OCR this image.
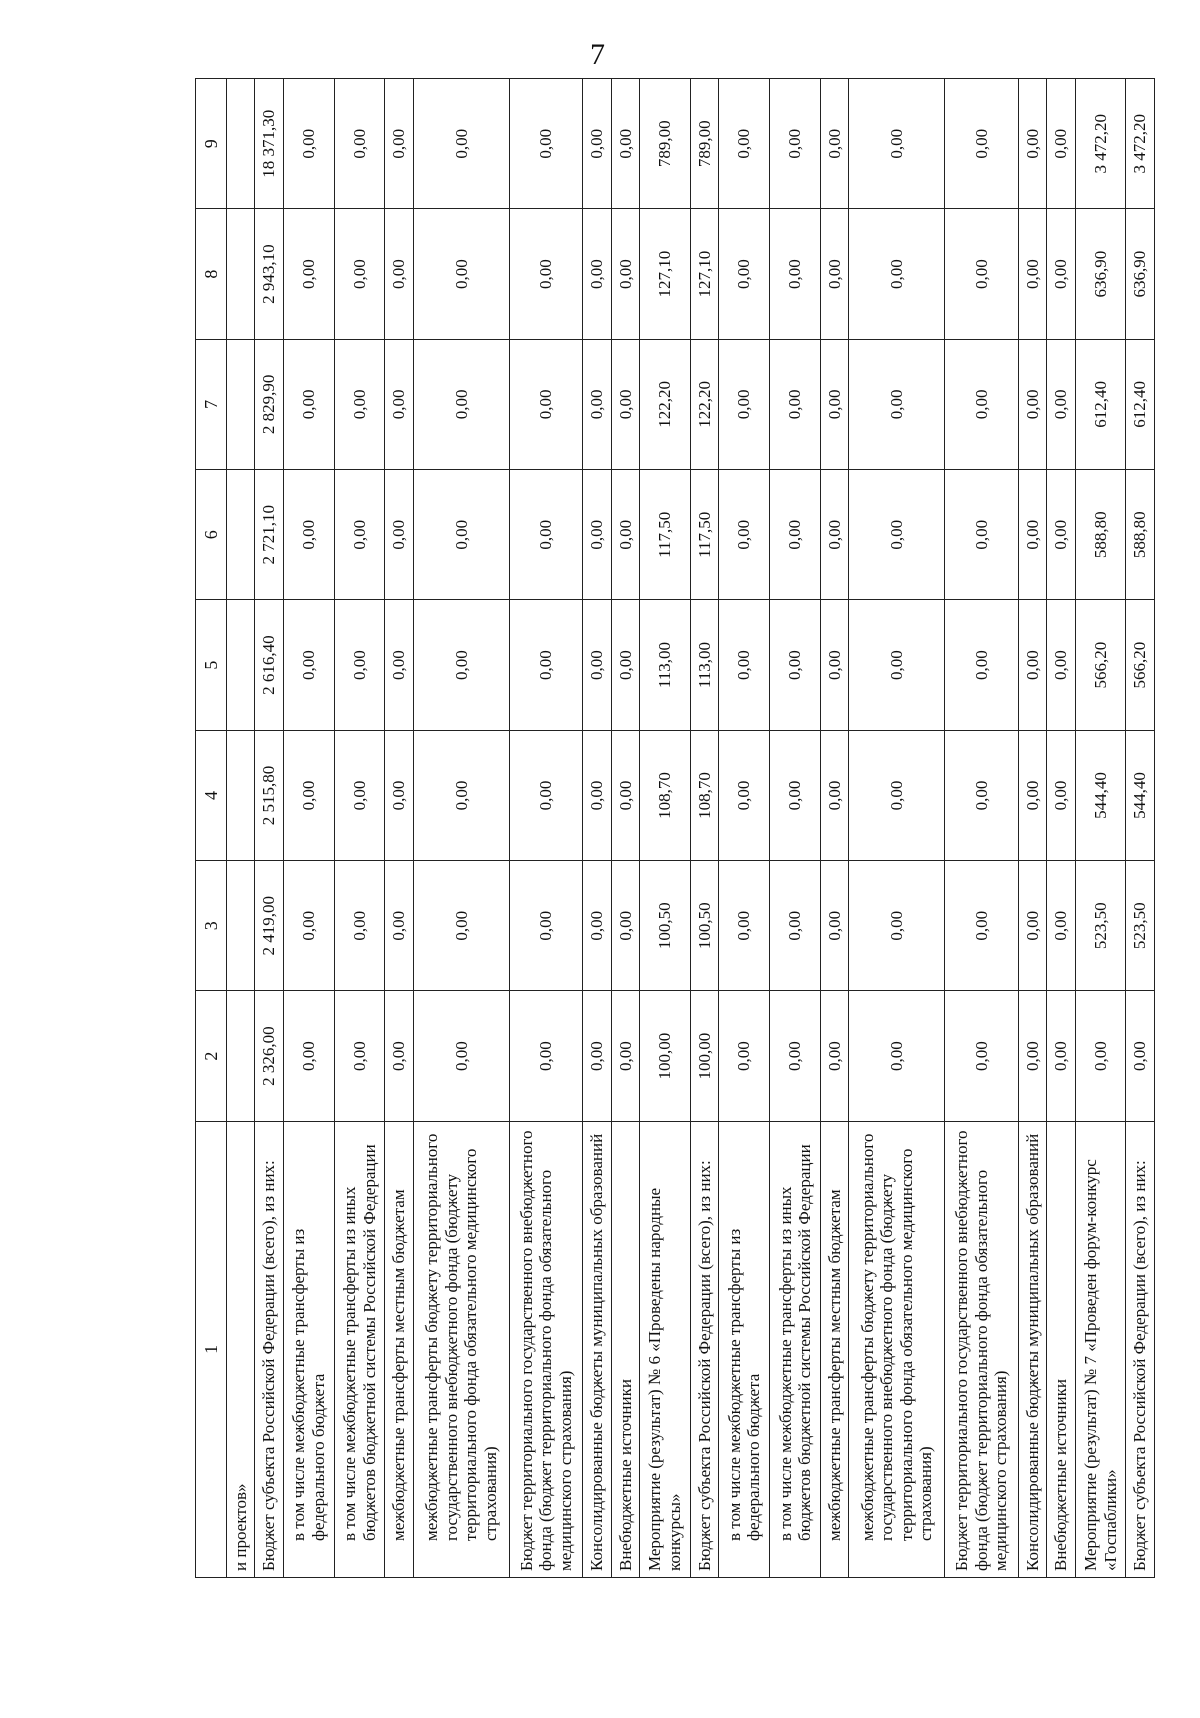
7
1	2	3	4	5	6	7	8	9
и проектов»								
Бюджет субъекта Российской Федерации (всего), из них:	2 326,00	2 419,00	2 515,80	2 616,40	2 721,10	2 829,90	2 943,10	18 371,30
в том числе межбюджетные трансферты из федерального бюджета	0,00	0,00	0,00	0,00	0,00	0,00	0,00	0,00
в том числе межбюджетные трансферты из иных бюджетов бюджетной системы Российской Федерации	0,00	0,00	0,00	0,00	0,00	0,00	0,00	0,00
межбюджетные трансферты местным бюджетам	0,00	0,00	0,00	0,00	0,00	0,00	0,00	0,00
межбюджетные трансферты бюджету территориального государственного внебюджетного фонда (бюджету территориального фонда обязательного медицинского страхования)	0,00	0,00	0,00	0,00	0,00	0,00	0,00	0,00
Бюджет территориального государственного внебюджетного фонда (бюджет территориального фонда обязательного медицинского страхования)	0,00	0,00	0,00	0,00	0,00	0,00	0,00	0,00
Консолидированные бюджеты муниципальных образований	0,00	0,00	0,00	0,00	0,00	0,00	0,00	0,00
Внебюджетные источники	0,00	0,00	0,00	0,00	0,00	0,00	0,00	0,00
Мероприятие (результат) № 6 «Проведены народные конкурсы»	100,00	100,50	108,70	113,00	117,50	122,20	127,10	789,00
Бюджет субъекта Российской Федерации (всего), из них:	100,00	100,50	108,70	113,00	117,50	122,20	127,10	789,00
в том числе межбюджетные трансферты из федерального бюджета	0,00	0,00	0,00	0,00	0,00	0,00	0,00	0,00
в том числе межбюджетные трансферты из иных бюджетов бюджетной системы Российской Федерации	0,00	0,00	0,00	0,00	0,00	0,00	0,00	0,00
межбюджетные трансферты местным бюджетам	0,00	0,00	0,00	0,00	0,00	0,00	0,00	0,00
межбюджетные трансферты бюджету территориального государственного внебюджетного фонда (бюджету территориального фонда обязательного медицинского страхования)	0,00	0,00	0,00	0,00	0,00	0,00	0,00	0,00
Бюджет территориального государственного внебюджетного фонда (бюджет территориального фонда обязательного медицинского страхования)	0,00	0,00	0,00	0,00	0,00	0,00	0,00	0,00
Консолидированные бюджеты муниципальных образований	0,00	0,00	0,00	0,00	0,00	0,00	0,00	0,00
Внебюджетные источники	0,00	0,00	0,00	0,00	0,00	0,00	0,00	0,00
Мероприятие (результат) № 7 «Проведен форум-конкурс «Госпаблики»	0,00	523,50	544,40	566,20	588,80	612,40	636,90	3 472,20
Бюджет субъекта Российской Федерации (всего), из них:	0,00	523,50	544,40	566,20	588,80	612,40	636,90	3 472,20
